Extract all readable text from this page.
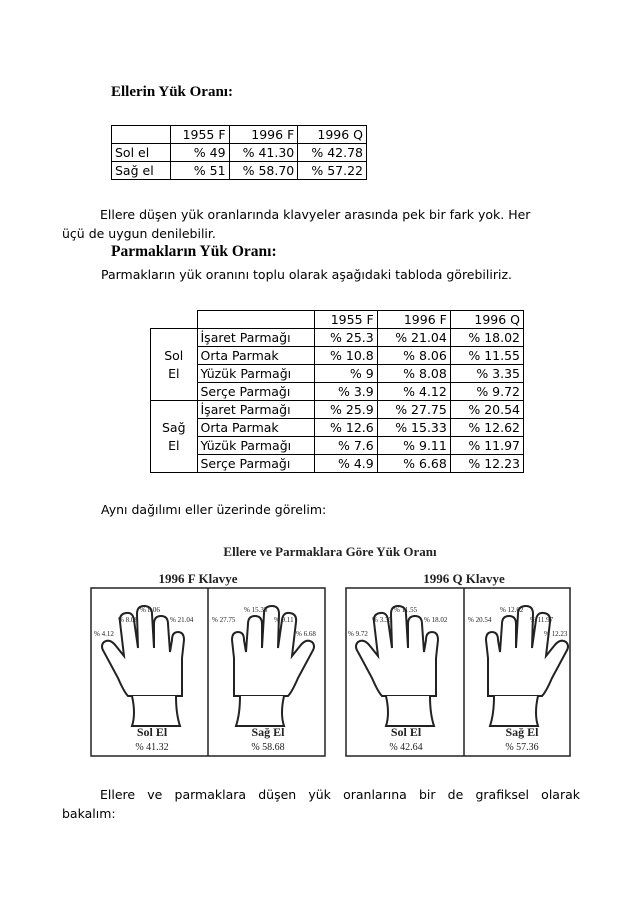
Ellerin Yük Oranı:
	1955 F	1996 F	1996 Q
Sol el	% 49	% 41.30	% 42.78
Sağ el	% 51	% 58.70	% 57.22
Ellere düşen yük oranlarında klavyeler arasında pek bir fark yok. Her
üçü de uygun denilebilir.
Parmakların Yük Oranı:
Parmakların yük oranını toplu olarak aşağıdaki tabloda görebiliriz.
		1955 F	1996 F	1996 Q

Sol
El	İşaret Parmağı	% 25.3	% 21.04	% 18.02
	Orta Parmak	% 10.8	% 8.06	% 11.55
	Yüzük Parmağı	% 9	% 8.08	% 3.35
	Serçe Parmağı	% 3.9	% 4.12	% 9.72

Sağ
El	İşaret Parmağı	% 25.9	% 27.75	% 20.54
	Orta Parmak	% 12.6	% 15.33	% 12.62
	Yüzük Parmağı	% 7.6	% 9.11	% 11.97
	Serçe Parmağı	% 4.9	% 6.68	% 12.23
Aynı dağılımı eller üzerinde görelim:
Ellere ve Parmaklara Göre Yük Oranı
1996 F Klavye	1996 Q Klavye
% 4.12
% 8.08
% 8.06
% 21.04
Sol El
% 41.32
% 27.75
% 15.33
% 9.11
% 6.68
Sağ El
% 58.68
% 9.72
% 3.35
% 11.55
% 18.02
Sol El
% 42.64
% 20.54
% 12.62
% 11.97
% 12.23
Sağ El
% 57.36
Ellere ve parmaklara düşen yük oranlarına bir de grafiksel olarak
bakalım:
